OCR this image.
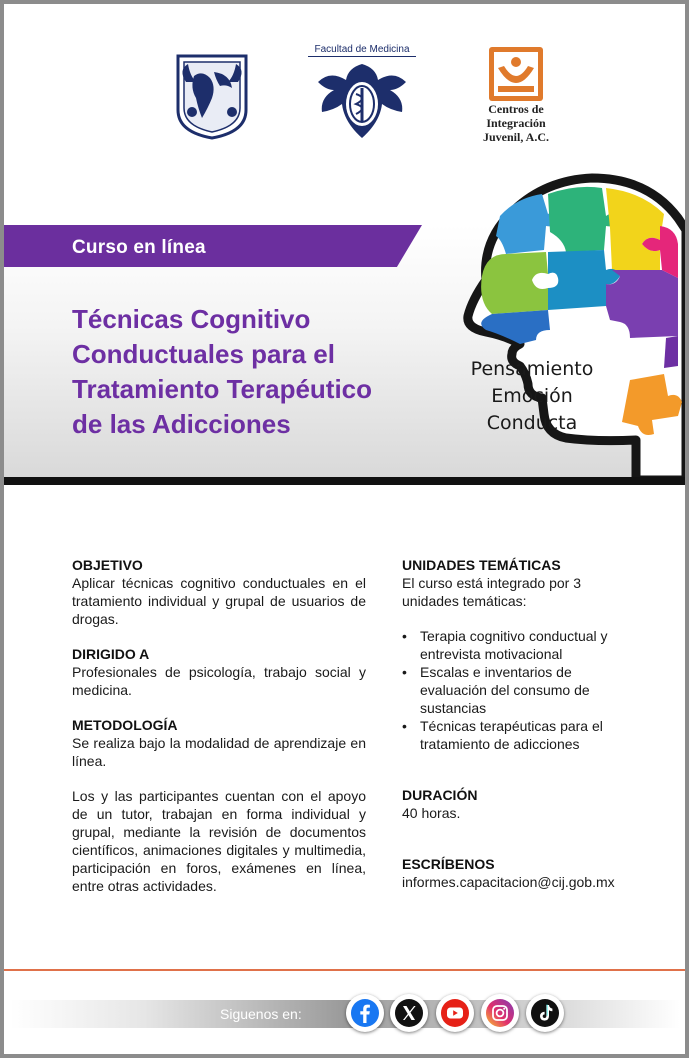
Facultad de Medicina
Centros de
Integración
Juvenil, A.C.
Pensamiento
Emoción
Conducta
Curso en línea
Técnicas Cognitivo
Conductuales para el
Tratamiento Terapéutico
de las Adicciones
OBJETIVO
Aplicar técnicas cognitivo conductuales en el tratamiento individual y grupal de usuarios de drogas.
DIRIGIDO A
Profesionales de psicología, trabajo social y medicina.
METODOLOGÍA
Se realiza bajo la modalidad de aprendizaje en línea.
Los y las participantes cuentan con el apoyo de un tutor, trabajan en forma individual y grupal, mediante la revisión de documentos científicos, animaciones digitales y multimedia, participación en foros, exámenes en línea, entre otras actividades.
UNIDADES TEMÁTICAS
El curso está integrado por 3 unidades temáticas:
• Terapia cognitivo conductual y entrevista motivacional
• Escalas e inventarios de evaluación del consumo de sustancias
• Técnicas terapéuticas para el tratamiento de adicciones
DURACIÓN
40 horas.
ESCRÍBENOS
informes.capacitacion@cij.gob.mx
Siguenos en:
